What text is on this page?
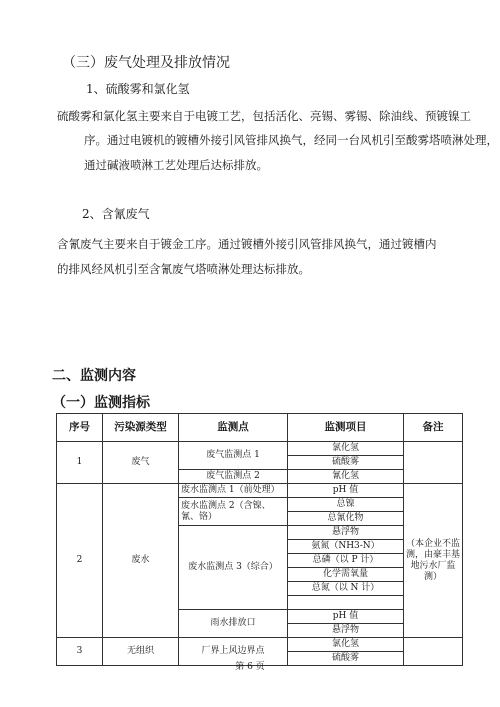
（三）废气处理及排放情况
1、硫酸雾和氯化氢
硫酸雾和氯化氢主要来自于电镀工艺，包括活化、亮锡、雾锡、除油线、预镀镍工
序。通过电镀机的镀槽外接引风管排风换气，经同一台风机引至酸雾塔喷淋处理，
通过碱液喷淋工艺处理后达标排放。
2、含氰废气
含氰废气主要来自于镀金工序。通过镀槽外接引风管排风换气，通过镀槽内
的排风经风机引至含氰废气塔喷淋处理达标排放。
二、监测内容
（一）监测指标
序号	污染源类型	监测点	监测项目	备注
1	废气	废气监测点 1	氯化氢	
			硫酸雾	
		废气监测点 2	氰化氢	
2	废水	废水监测点 1（前处理）	pH 值	（本企业不监测，由豪丰基地污水厂监测）
		废水监测点 2（含镍、氰、铬）	总镍	
			总氰化物	
		废水监测点 3（综合）	悬浮物	
			氨氮（NH3-N）	
			总磷（以 P 计）	
			化学需氧量	
			总氮（以 N 计）	

		雨水排放口	pH 值	
			悬浮物	
3	无组织	厂界上风边界点	氯化氢	
			硫酸雾	
第 6 页
